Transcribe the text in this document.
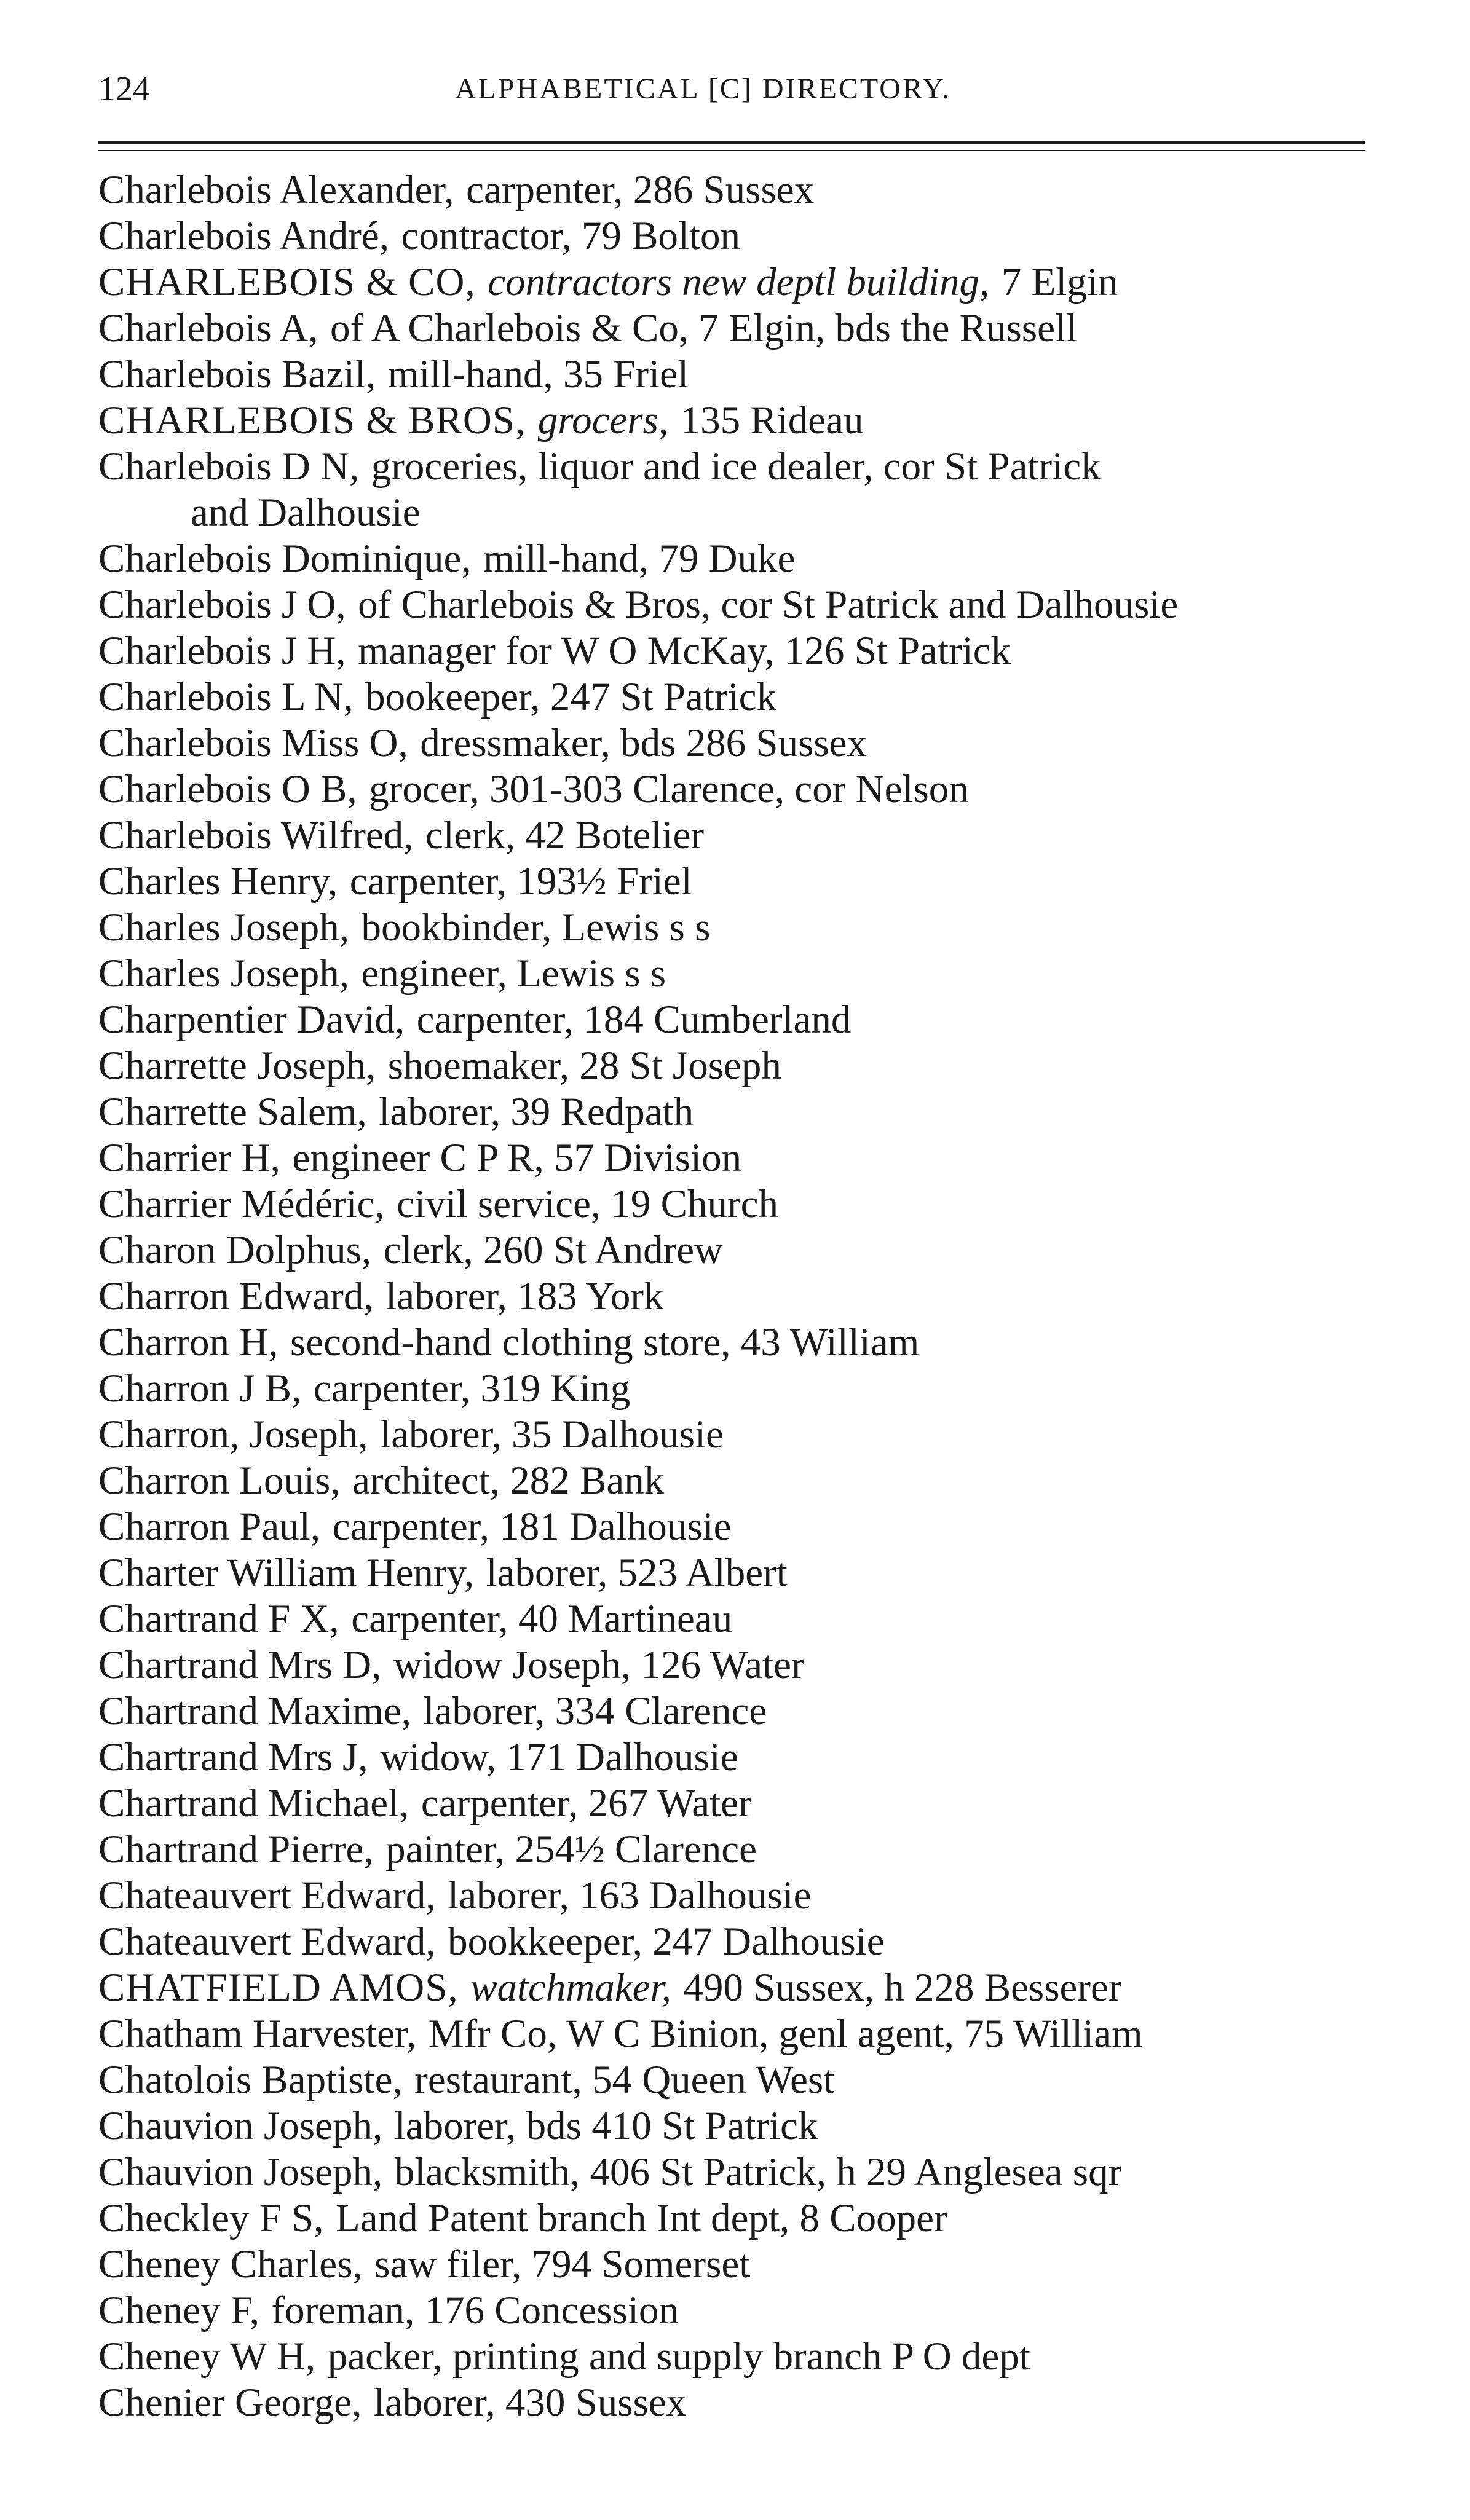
124	ALPHABETICAL [C] DIRECTORY.
Charlebois Alexander, carpenter, 286 Sussex
Charlebois André, contractor, 79 Bolton
CHARLEBOIS & CO, contractors new deptl building, 7 Elgin
Charlebois A, of A Charlebois & Co, 7 Elgin, bds the Russell
Charlebois Bazil, mill-hand, 35 Friel
CHARLEBOIS & BROS, grocers, 135 Rideau
Charlebois D N, groceries, liquor and ice dealer, cor St Patrick
and Dalhousie
Charlebois Dominique, mill-hand, 79 Duke
Charlebois J O, of Charlebois & Bros, cor St Patrick and Dalhousie
Charlebois J H, manager for W O McKay, 126 St Patrick
Charlebois L N, bookeeper, 247 St Patrick
Charlebois Miss O, dressmaker, bds 286 Sussex
Charlebois O B, grocer, 301-303 Clarence, cor Nelson
Charlebois Wilfred, clerk, 42 Botelier
Charles Henry, carpenter, 193½ Friel
Charles Joseph, bookbinder, Lewis s s
Charles Joseph, engineer, Lewis s s
Charpentier David, carpenter, 184 Cumberland
Charrette Joseph, shoemaker, 28 St Joseph
Charrette Salem, laborer, 39 Redpath
Charrier H, engineer C P R, 57 Division
Charrier Médéric, civil service, 19 Church
Charon Dolphus, clerk, 260 St Andrew
Charron Edward, laborer, 183 York
Charron H, second-hand clothing store, 43 William
Charron J B, carpenter, 319 King
Charron, Joseph, laborer, 35 Dalhousie
Charron Louis, architect, 282 Bank
Charron Paul, carpenter, 181 Dalhousie
Charter William Henry, laborer, 523 Albert
Chartrand F X, carpenter, 40 Martineau
Chartrand Mrs D, widow Joseph, 126 Water
Chartrand Maxime, laborer, 334 Clarence
Chartrand Mrs J, widow, 171 Dalhousie
Chartrand Michael, carpenter, 267 Water
Chartrand Pierre, painter, 254½ Clarence
Chateauvert Edward, laborer, 163 Dalhousie
Chateauvert Edward, bookkeeper, 247 Dalhousie
CHATFIELD AMOS, watchmaker, 490 Sussex, h 228 Besserer
Chatham Harvester, Mfr Co, W C Binion, genl agent, 75 William
Chatolois Baptiste, restaurant, 54 Queen West
Chauvion Joseph, laborer, bds 410 St Patrick
Chauvion Joseph, blacksmith, 406 St Patrick, h 29 Anglesea sqr
Checkley F S, Land Patent branch Int dept, 8 Cooper
Cheney Charles, saw filer, 794 Somerset
Cheney F, foreman, 176 Concession
Cheney W H, packer, printing and supply branch P O dept
Chenier George, laborer, 430 Sussex
